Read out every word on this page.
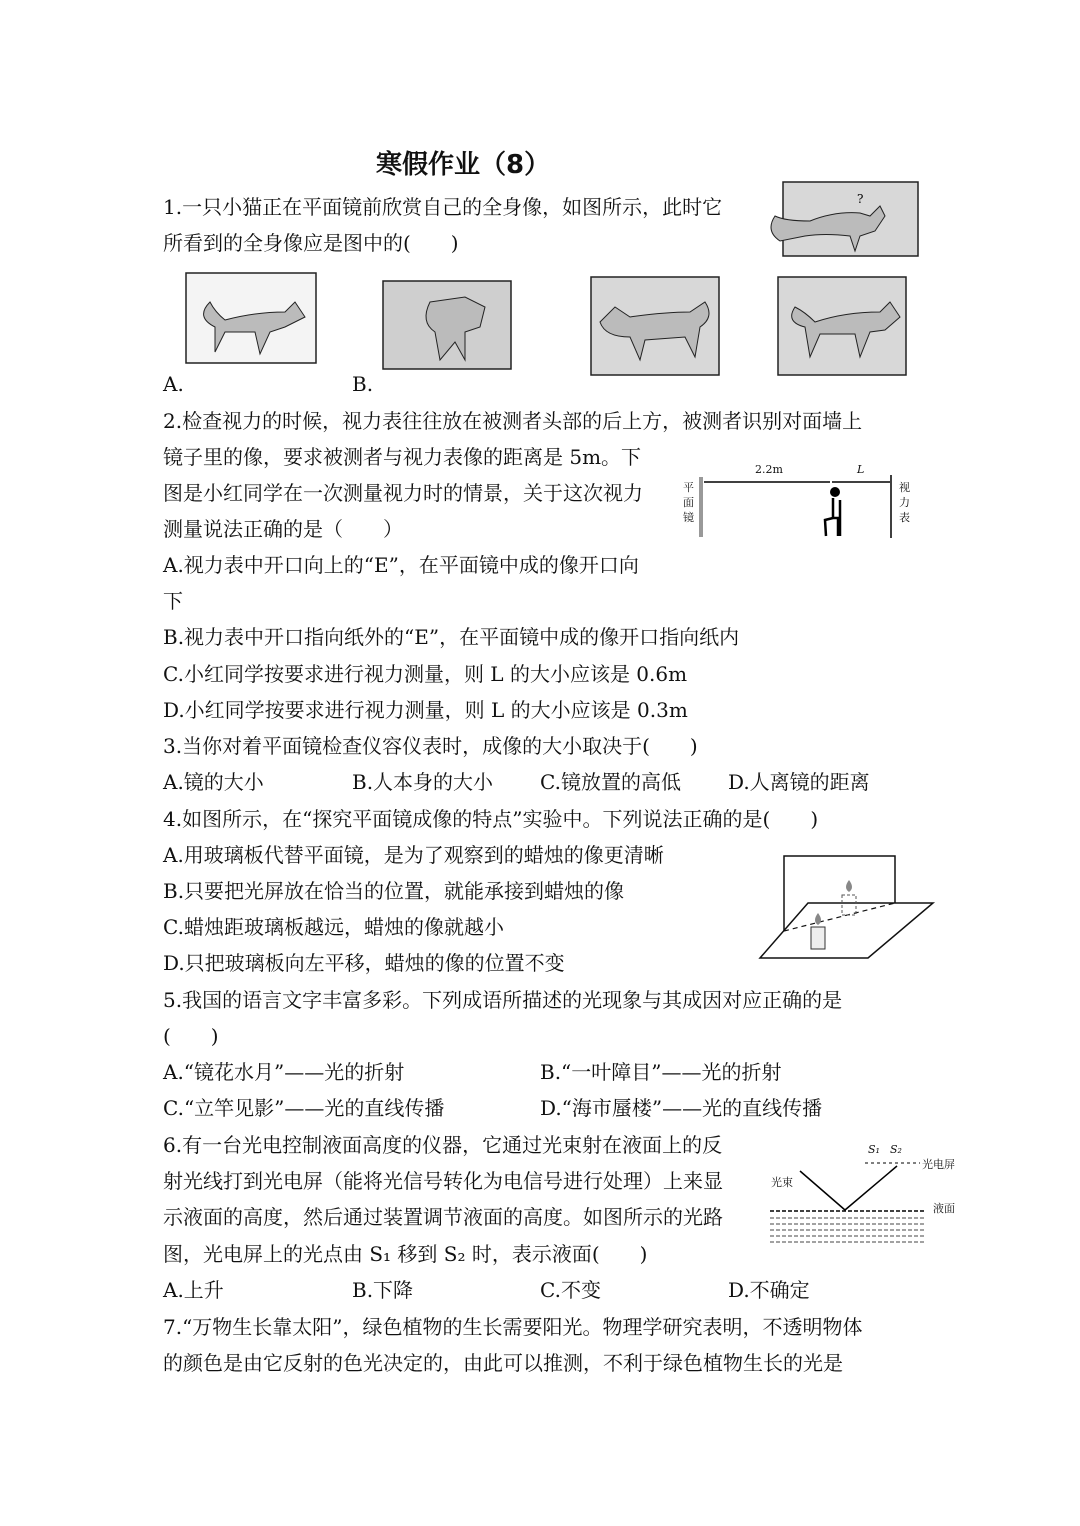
寒假作业（8）
1.一只小猫正在平面镜前欣赏自己的全身像，如图所示，此时它
所看到的全身像应是图中的(　　)
?
A.	B.
2.检查视力的时候，视力表往往放在被测者头部的后上方，被测者识别对面墙上
镜子里的像，要求被测者与视力表像的距离是 5m。下
图是小红同学在一次测量视力时的情景，关于这次视力
测量说法正确的是（　　）
A.视力表中开口向上的“E”，在平面镜中成的像开口向
下
B.视力表中开口指向纸外的“E”，在平面镜中成的像开口指向纸内
C.小红同学按要求进行视力测量，则 L 的大小应该是 0.6m
D.小红同学按要求进行视力测量，则 L 的大小应该是 0.3m
2.2m	L
平面镜
视力表
3.当你对着平面镜检查仪容仪表时，成像的大小取决于(　　)
A.镜的大小	B.人本身的大小 C.镜放置的高低 D.人离镜的距离
4.如图所示，在“探究平面镜成像的特点”实验中。下列说法正确的是(　　)
A.用玻璃板代替平面镜，是为了观察到的蜡烛的像更清晰
B.只要把光屏放在恰当的位置，就能承接到蜡烛的像
C.蜡烛距玻璃板越远，蜡烛的像就越小
D.只把玻璃板向左平移，蜡烛的像的位置不变
5.我国的语言文字丰富多彩。下列成语所描述的光现象与其成因对应正确的是
(　　)
A.“镜花水月”——光的折射	B.“一叶障目”——光的折射
C.“立竿见影”——光的直线传播	D.“海市蜃楼”——光的直线传播
6.有一台光电控制液面高度的仪器，它通过光束射在液面上的反
射光线打到光电屏（能将光信号转化为电信号进行处理）上来显
示液面的高度，然后通过装置调节液面的高度。如图所示的光路
图，光电屏上的光点由 S₁ 移到 S₂ 时，表示液面(　　)
A.上升	B.下降	C.不变	D.不确定
S₁ S₂
光电屏
光束
液面
7.“万物生长靠太阳”，绿色植物的生长需要阳光。物理学研究表明，不透明物体
的颜色是由它反射的色光决定的，由此可以推测，不利于绿色植物生长的光是
